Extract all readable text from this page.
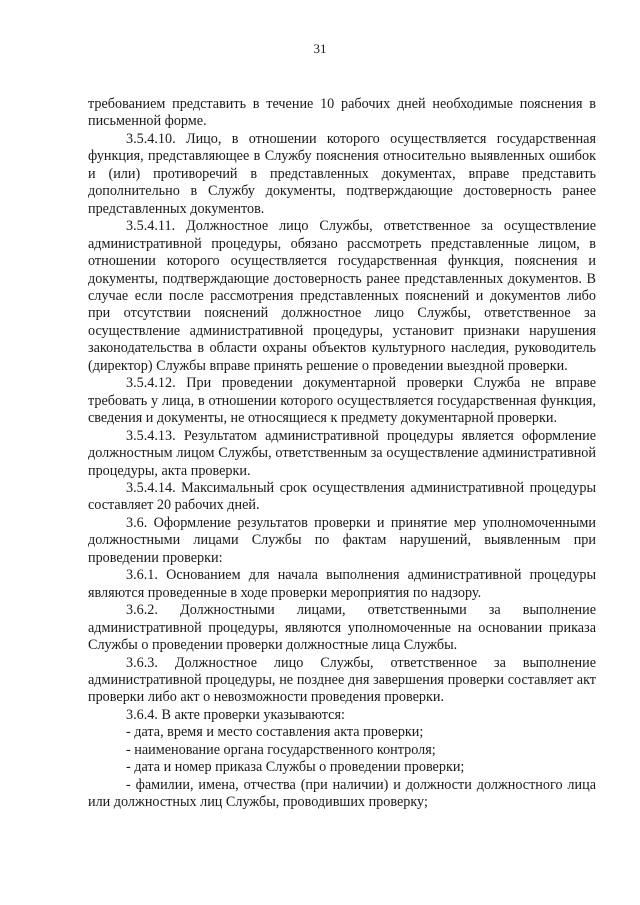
31

требованием представить в течение 10 рабочих дней необходимые пояснения в письменной форме.

3.5.4.10. Лицо, в отношении которого осуществляется государственная функция, представляющее в Службу пояснения относительно выявленных ошибок и (или) противоречий в представленных документах, вправе представить дополнительно в Службу документы, подтверждающие достоверность ранее представленных документов.

3.5.4.11. Должностное лицо Службы, ответственное за осуществление административной процедуры, обязано рассмотреть представленные лицом, в отношении которого осуществляется государственная функция, пояснения и документы, подтверждающие достоверность ранее представленных документов. В случае если после рассмотрения представленных пояснений и документов либо при отсутствии пояснений должностное лицо Службы, ответственное за осуществление административной процедуры, установит признаки нарушения законодательства в области охраны объектов культурного наследия, руководитель (директор) Службы вправе принять решение о проведении выездной проверки.

3.5.4.12. При проведении документарной проверки Служба не вправе требовать у лица, в отношении которого осуществляется государственная функция, сведения и документы, не относящиеся к предмету документарной проверки.

3.5.4.13. Результатом административной процедуры является оформление должностным лицом Службы, ответственным за осуществление административной процедуры, акта проверки.

3.5.4.14. Максимальный срок осуществления административной процедуры составляет 20 рабочих дней.

3.6. Оформление результатов проверки и принятие мер уполномоченными должностными лицами Службы по фактам нарушений, выявленным при проведении проверки:

3.6.1. Основанием для начала выполнения административной процедуры являются проведенные в ходе проверки мероприятия по надзору.

3.6.2. Должностными лицами, ответственными за выполнение административной процедуры, являются уполномоченные на основании приказа Службы о проведении проверки должностные лица Службы.

3.6.3. Должностное лицо Службы, ответственное за выполнение административной процедуры, не позднее дня завершения проверки составляет акт проверки либо акт о невозможности проведения проверки.

3.6.4. В акте проверки указываются:

- дата, время и место составления акта проверки;

- наименование органа государственного контроля;

- дата и номер приказа Службы о проведении проверки;

- фамилии, имена, отчества (при наличии) и должности должностного лица или должностных лиц Службы, проводивших проверку;
